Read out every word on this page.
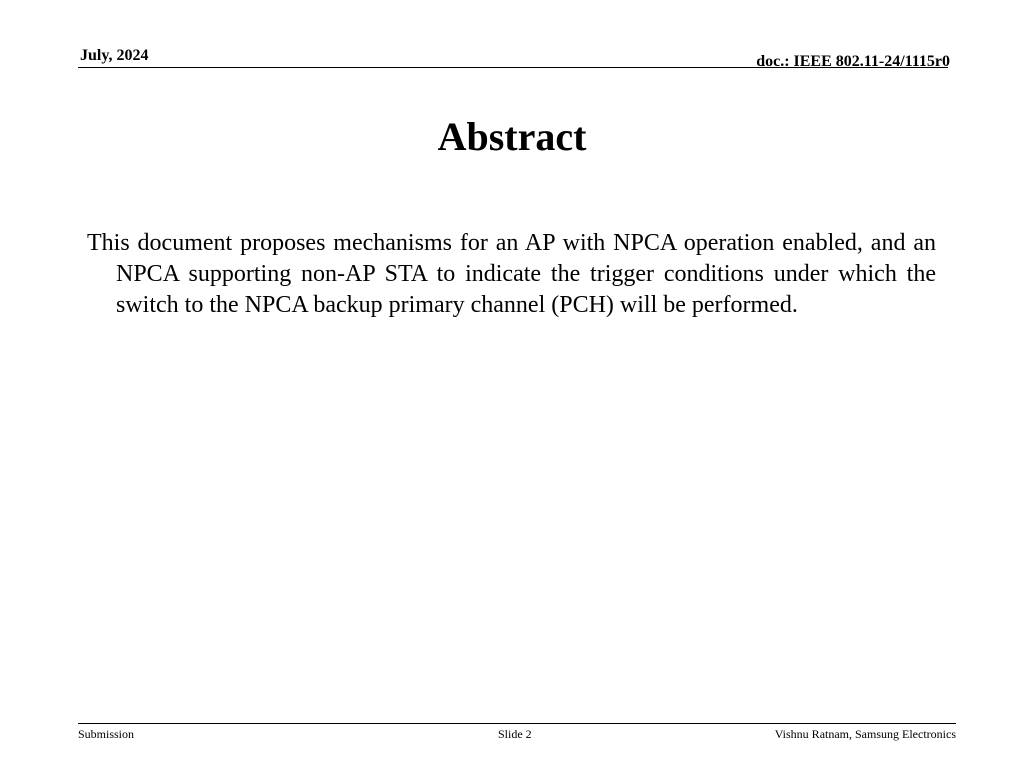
July, 2024	doc.: IEEE 802.11-24/1115r0
Abstract
This document proposes mechanisms for an AP with NPCA operation enabled, and an NPCA supporting non-AP STA to indicate the trigger conditions under which the switch to the NPCA backup primary channel (PCH) will be performed.
Submission	Slide 2	Vishnu Ratnam, Samsung Electronics
